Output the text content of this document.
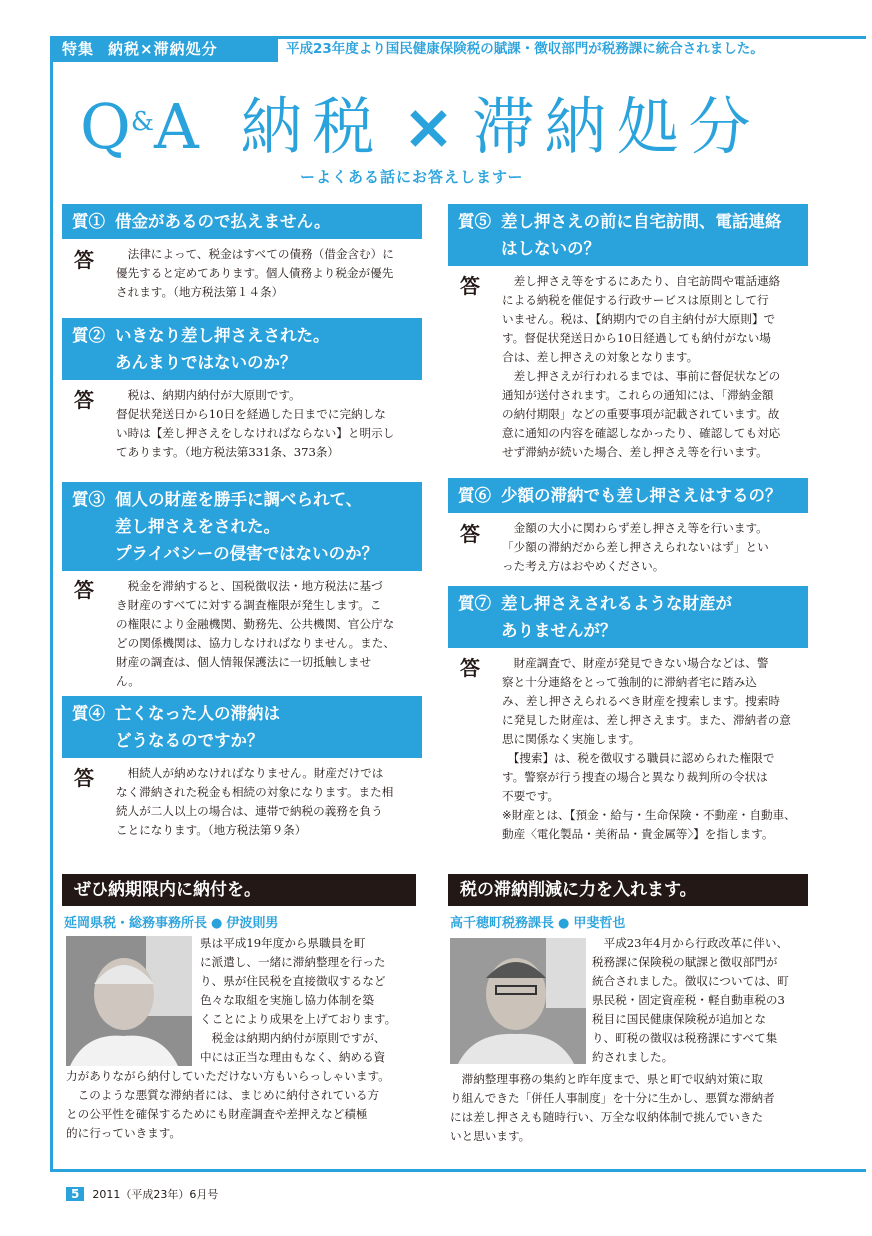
特集 納税×滞納処分	平成23年度より国民健康保険税の賦課・徴収部門が税務課に統合されました。
Q&A 納税 × 滞納処分
ーよくある話にお答えしますー
質① 借金があるので払えません。
　法律によって、税金はすべての債務（借金含む）に
優先すると定めてあります。個人債務より税金が優先
されます。（地方税法第１４条）
答
質② いきなり差し押さえされた。
あんまりではないのか？
　税は、納期内納付が大原則です。
督促状発送日から10日を経過した日までに完納しな
い時は【差し押さえをしなければならない】と明示し
てあります。（地方税法第331条、373条）
答
質③ 個人の財産を勝手に調べられて、
差し押さえをされた。
プライバシーの侵害ではないのか？
　税金を滞納すると、国税徴収法・地方税法に基づ
き財産のすべてに対する調査権限が発生します。こ
の権限により金融機関、勤務先、公共機関、官公庁な
どの関係機関は、協力しなければなりません。また、
財産の調査は、個人情報保護法に一切抵触しませ
ん。
答
質④ 亡くなった人の滞納は
どうなるのですか？
　相続人が納めなければなりません。財産だけでは
なく滞納された税金も相続の対象になります。また相
続人が二人以上の場合は、連帯で納税の義務を負う
ことになります。（地方税法第９条）
答
質⑤ 差し押さえの前に自宅訪問、電話連絡
はしないの？
　差し押さえ等をするにあたり、自宅訪問や電話連絡
による納税を催促する行政サービスは原則として行
いません。税は、【納期内での自主納付が大原則】で
す。督促状発送日から10日経過しても納付がない場
合は、差し押さえの対象となります。
　差し押さえが行われるまでは、事前に督促状などの
通知が送付されます。これらの通知には、「滞納金額
の納付期限」などの重要事項が記載されています。故
意に通知の内容を確認しなかったり、確認しても対応
せず滞納が続いた場合、差し押さえ等を行います。
答
質⑥ 少額の滞納でも差し押さえはするの？
　金額の大小に関わらず差し押さえ等を行います。
「少額の滞納だから差し押さえられないはず」とい
った考え方はおやめください。
答
質⑦ 差し押さえされるような財産が
ありませんが？
　財産調査で、財産が発見できない場合などは、警
察と十分連絡をとって強制的に滞納者宅に踏み込
み、差し押さえられるべき財産を捜索します。捜索時
に発見した財産は、差し押さえます。また、滞納者の意
思に関係なく実施します。
　【捜索】は、税を徴収する職員に認められた権限で
す。警察が行う捜査の場合と異なり裁判所の令状は
不要です。
※財産とは、【預金・給与・生命保険・不動産・自動車、
動産〈電化製品・美術品・貴金属等〉】を指します。
答
ぜひ納期限内に納付を。
延岡県税・総務事務所長 ● 伊波則男
県は平成19年度から県職員を町
に派遣し、一緒に滞納整理を行った
り、県が住民税を直接徴収するなど
色々な取組を実施し協力体制を築
くことにより成果を上げております。
　税金は納期内納付が原則ですが、
中には正当な理由もなく、納める資
力がありながら納付していただけない方もいらっしゃいます。
　このような悪質な滞納者には、まじめに納付されている方
との公平性を確保するためにも財産調査や差押えなど積極
的に行っていきます。
税の滞納削減に力を入れます。
高千穂町税務課長 ● 甲斐哲也
　平成23年4月から行政改革に伴い、
税務課に保険税の賦課と徴収部門が
統合されました。徴収については、町
県民税・固定資産税・軽自動車税の3
税目に国民健康保険税が追加とな
り、町税の徴収は税務課にすべて集
約されました。
　滞納整理事務の集約と昨年度まで、県と町で収納対策に取
り組んできた「併任人事制度」を十分に生かし、悪質な滞納者
には差し押さえも随時行い、万全な収納体制で挑んでいきた
いと思います。
5	2011（平成23年）6月号
